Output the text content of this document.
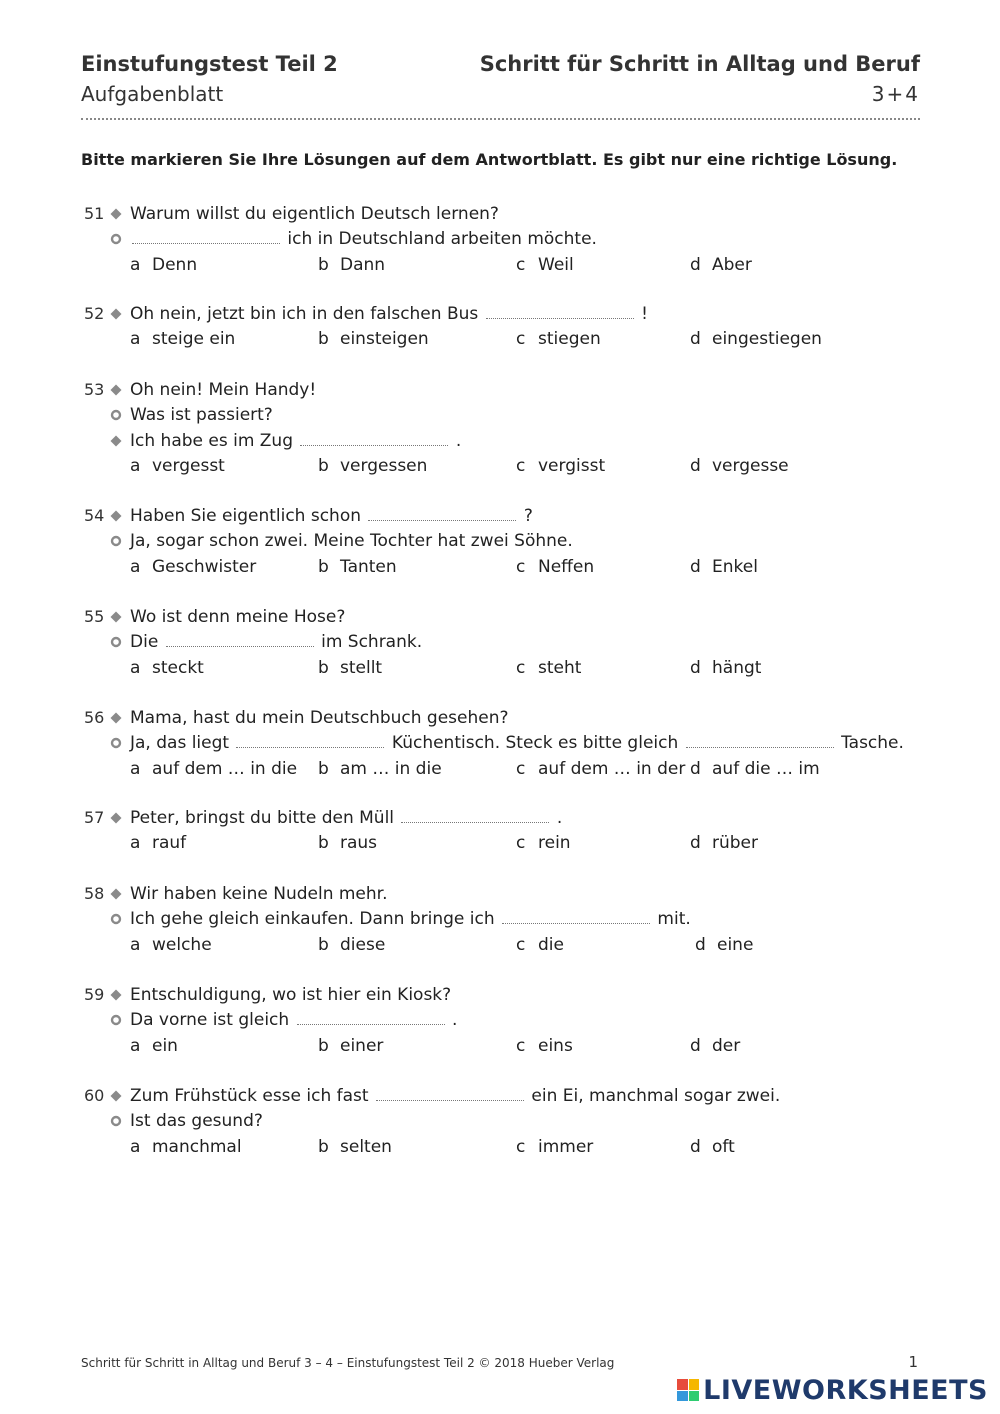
Einstufungstest Teil 2
Aufgabenblatt
Schritt für Schritt in Alltag und Beruf
3+4
Bitte markieren Sie Ihre Lösungen auf dem Antwortblatt. Es gibt nur eine richtige Lösung.
51 Warum willst du eigentlich Deutsch lernen?
ich in Deutschland arbeiten möchte.
a Denn	b Dann	c Weil	d Aber
52 Oh nein, jetzt bin ich in den falschen Bus	!
a steige ein	b einsteigen	c stiegen	d eingestiegen
53 Oh nein! Mein Handy!
Was ist passiert?
Ich habe es im Zug	.
a vergesst	b vergessen	c vergisst	d vergesse
54 Haben Sie eigentlich schon	?
Ja, sogar schon zwei. Meine Tochter hat zwei Söhne.
a Geschwister	b Tanten	c Neffen	d Enkel
55 Wo ist denn meine Hose?
Die	im Schrank.
a steckt	b stellt	c steht	d hängt
56 Mama, hast du mein Deutschbuch gesehen?
Ja, das liegt	Küchentisch. Steck es bitte gleich	Tasche.
a auf dem … in die b am … in die	c auf dem … in der d auf die … im
57 Peter, bringst du bitte den Müll	.
a rauf	b raus	c rein	d rüber
58 Wir haben keine Nudeln mehr.
Ich gehe gleich einkaufen. Dann bringe ich	mit.
a welche	b diese	c die	d eine
59 Entschuldigung, wo ist hier ein Kiosk?
Da vorne ist gleich	.
a ein	b einer	c eins	d der
60 Zum Frühstück esse ich fast	ein Ei, manchmal sogar zwei.
Ist das gesund?
a manchmal	b selten	c immer	d oft
Schritt für Schritt in Alltag und Beruf 3 – 4 – Einstufungstest Teil 2 © 2018 Hueber Verlag	1
LIVEWORKSHEETS
